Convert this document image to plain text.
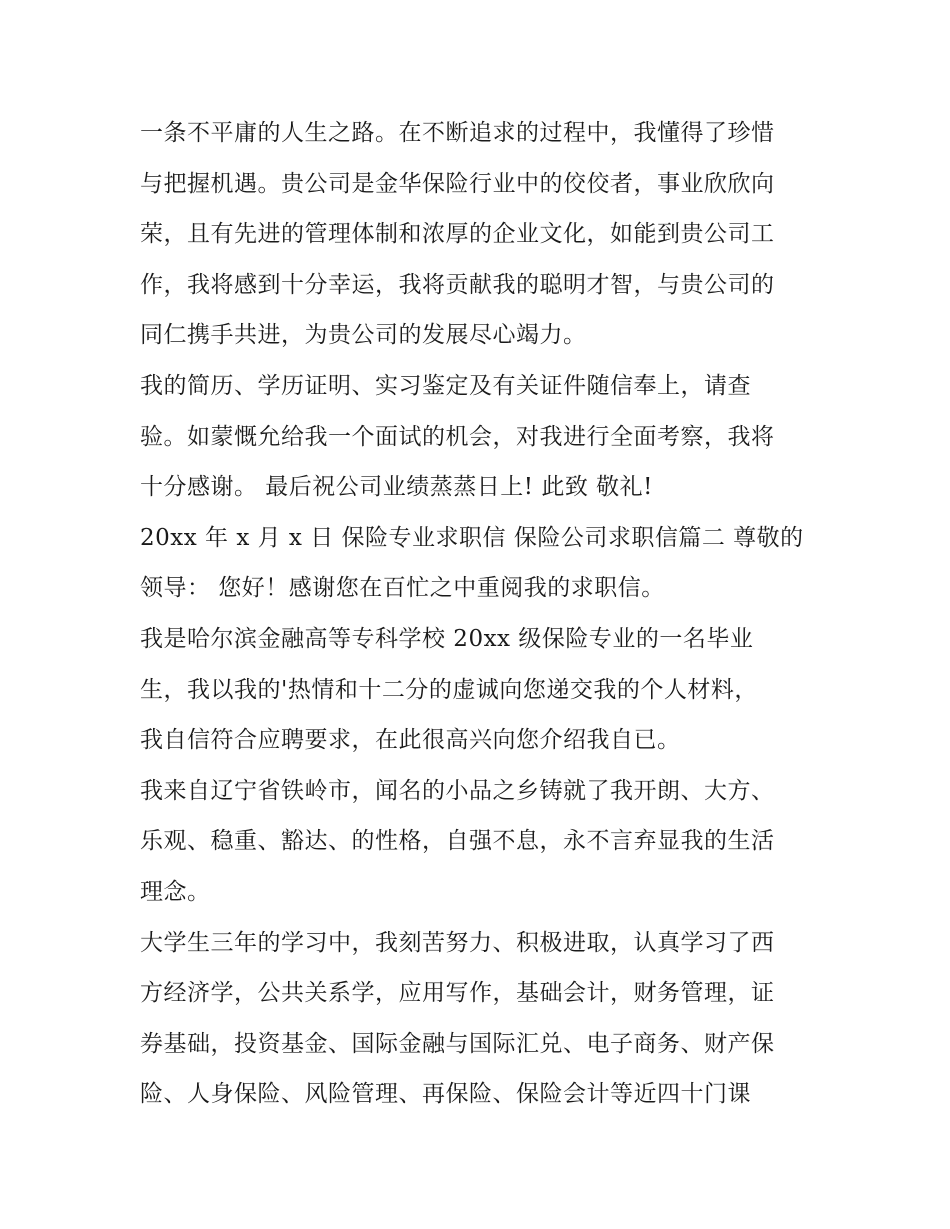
一条不平庸的人生之路。在不断追求的过程中，我懂得了珍惜
与把握机遇。贵公司是金华保险行业中的佼佼者，事业欣欣向
荣，且有先进的管理体制和浓厚的企业文化，如能到贵公司工
作，我将感到十分幸运，我将贡献我的聪明才智，与贵公司的
同仁携手共进，为贵公司的发展尽心竭力。
我的简历、学历证明、实习鉴定及有关证件随信奉上，请查
验。如蒙慨允给我一个面试的机会，对我进行全面考察，我将
十分感谢。 最后祝公司业绩蒸蒸日上! 此致 敬礼!
20xx 年 x 月 x 日 保险专业求职信 保险公司求职信篇二 尊敬的
领导： 您好！感谢您在百忙之中重阅我的求职信。
我是哈尔滨金融高等专科学校 20xx 级保险专业的一名毕业
生，我以我的'热情和十二分的虚诚向您递交我的个人材料，
我自信符合应聘要求，在此很高兴向您介绍我自已。
我来自辽宁省铁岭市，闻名的小品之乡铸就了我开朗、大方、
乐观、稳重、豁达、的性格，自强不息，永不言弃显我的生活
理念。
大学生三年的学习中，我刻苦努力、积极进取，认真学习了西
方经济学，公共关系学，应用写作，基础会计，财务管理，证
券基础，投资基金、国际金融与国际汇兑、电子商务、财产保
险、人身保险、风险管理、再保险、保险会计等近四十门课
